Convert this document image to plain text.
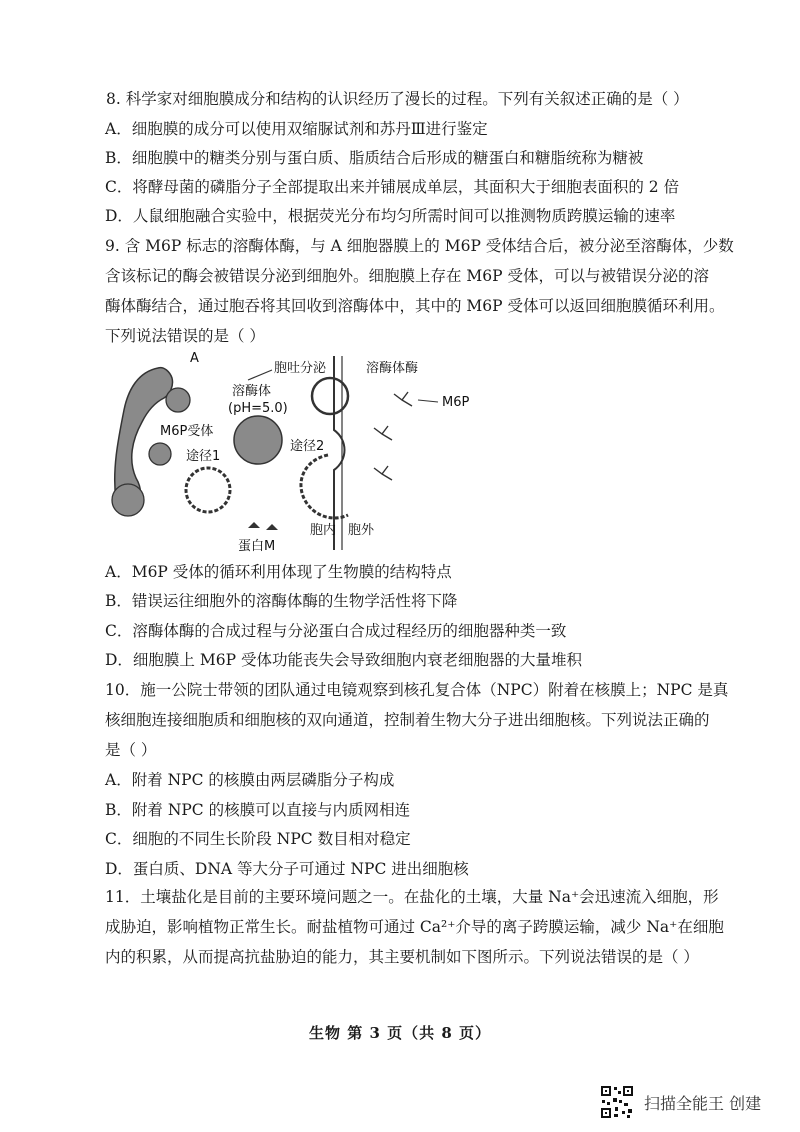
8. 科学家对细胞膜成分和结构的认识经历了漫长的过程。下列有关叙述正确的是（ ）
A．细胞膜的成分可以使用双缩脲试剂和苏丹Ⅲ进行鉴定
B．细胞膜中的糖类分别与蛋白质、脂质结合后形成的糖蛋白和糖脂统称为糖被
C．将酵母菌的磷脂分子全部提取出来并铺展成单层，其面积大于细胞表面积的 2 倍
D．人鼠细胞融合实验中，根据荧光分布均匀所需时间可以推测物质跨膜运输的速率
9. 含 M6P 标志的溶酶体酶，与 A 细胞器膜上的 M6P 受体结合后，被分泌至溶酶体，少数
含该标记的酶会被错误分泌到细胞外。细胞膜上存在 M6P 受体，可以与被错误分泌的溶
酶体酶结合，通过胞吞将其回收到溶酶体中，其中的 M6P 受体可以返回细胞膜循环利用。
下列说法错误的是（ ）
A
胞吐分泌
溶酶体
(pH=5.0)
途径1
M6P受体
途径2
胞内 胞外
溶酶体酶
M6P
蛋白M
A．M6P 受体的循环利用体现了生物膜的结构特点
B．错误运往细胞外的溶酶体酶的生物学活性将下降
C．溶酶体酶的合成过程与分泌蛋白合成过程经历的细胞器种类一致
D．细胞膜上 M6P 受体功能丧失会导致细胞内衰老细胞器的大量堆积
10．施一公院士带领的团队通过电镜观察到核孔复合体（NPC）附着在核膜上；NPC 是真
核细胞连接细胞质和细胞核的双向通道，控制着生物大分子进出细胞核。下列说法正确的
是（ ）
A．附着 NPC 的核膜由两层磷脂分子构成
B．附着 NPC 的核膜可以直接与内质网相连
C．细胞的不同生长阶段 NPC 数目相对稳定
D．蛋白质、DNA 等大分子可通过 NPC 进出细胞核
11．土壤盐化是目前的主要环境问题之一。在盐化的土壤，大量 Na⁺会迅速流入细胞，形
成胁迫，影响植物正常生长。耐盐植物可通过 Ca²⁺介导的离子跨膜运输，减少 Na⁺在细胞
内的积累，从而提高抗盐胁迫的能力，其主要机制如下图所示。下列说法错误的是（ ）
生物 第 3 页（共 8 页）
扫描全能王 创建
